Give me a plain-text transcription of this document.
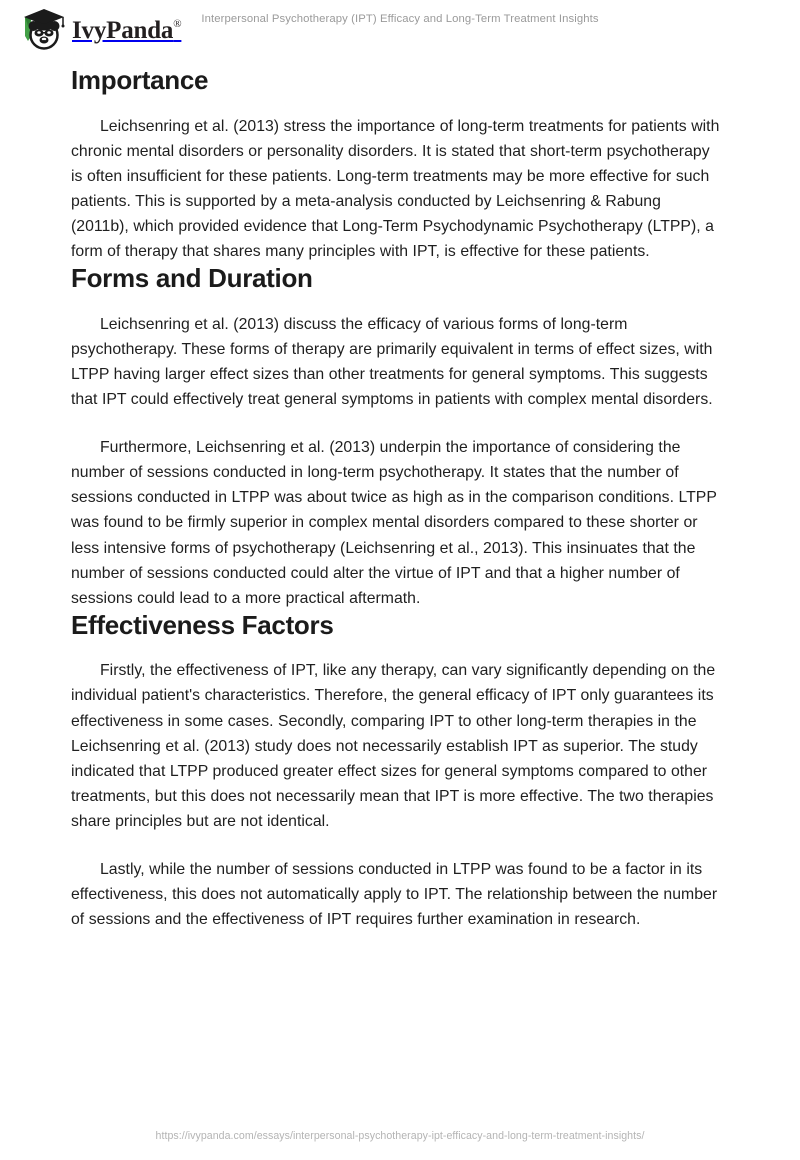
IvyPanda®	Interpersonal Psychotherapy (IPT) Efficacy and Long-Term Treatment Insights
Importance

Leichsenring et al. (2013) stress the importance of long-term treatments for patients with chronic mental disorders or personality disorders. It is stated that short-term psychotherapy is often insufficient for these patients. Long-term treatments may be more effective for such patients. This is supported by a meta-analysis conducted by Leichsenring & Rabung (2011b), which provided evidence that Long-Term Psychodynamic Psychotherapy (LTPP), a form of therapy that shares many principles with IPT, is effective for these patients.

Forms and Duration

Leichsenring et al. (2013) discuss the efficacy of various forms of long-term psychotherapy. These forms of therapy are primarily equivalent in terms of effect sizes, with LTPP having larger effect sizes than other treatments for general symptoms. This suggests that IPT could effectively treat general symptoms in patients with complex mental disorders.

Furthermore, Leichsenring et al. (2013) underpin the importance of considering the number of sessions conducted in long-term psychotherapy. It states that the number of sessions conducted in LTPP was about twice as high as in the comparison conditions. LTPP was found to be firmly superior in complex mental disorders compared to these shorter or less intensive forms of psychotherapy (Leichsenring et al., 2013). This insinuates that the number of sessions conducted could alter the virtue of IPT and that a higher number of sessions could lead to a more practical aftermath.

Effectiveness Factors

Firstly, the effectiveness of IPT, like any therapy, can vary significantly depending on the individual patient's characteristics. Therefore, the general efficacy of IPT only guarantees its effectiveness in some cases. Secondly, comparing IPT to other long-term therapies in the Leichsenring et al. (2013) study does not necessarily establish IPT as superior. The study indicated that LTPP produced greater effect sizes for general symptoms compared to other treatments, but this does not necessarily mean that IPT is more effective. The two therapies share principles but are not identical.

Lastly, while the number of sessions conducted in LTPP was found to be a factor in its effectiveness, this does not automatically apply to IPT. The relationship between the number of sessions and the effectiveness of IPT requires further examination in research.

https://ivypanda.com/essays/interpersonal-psychotherapy-ipt-efficacy-and-long-term-treatment-insights/
